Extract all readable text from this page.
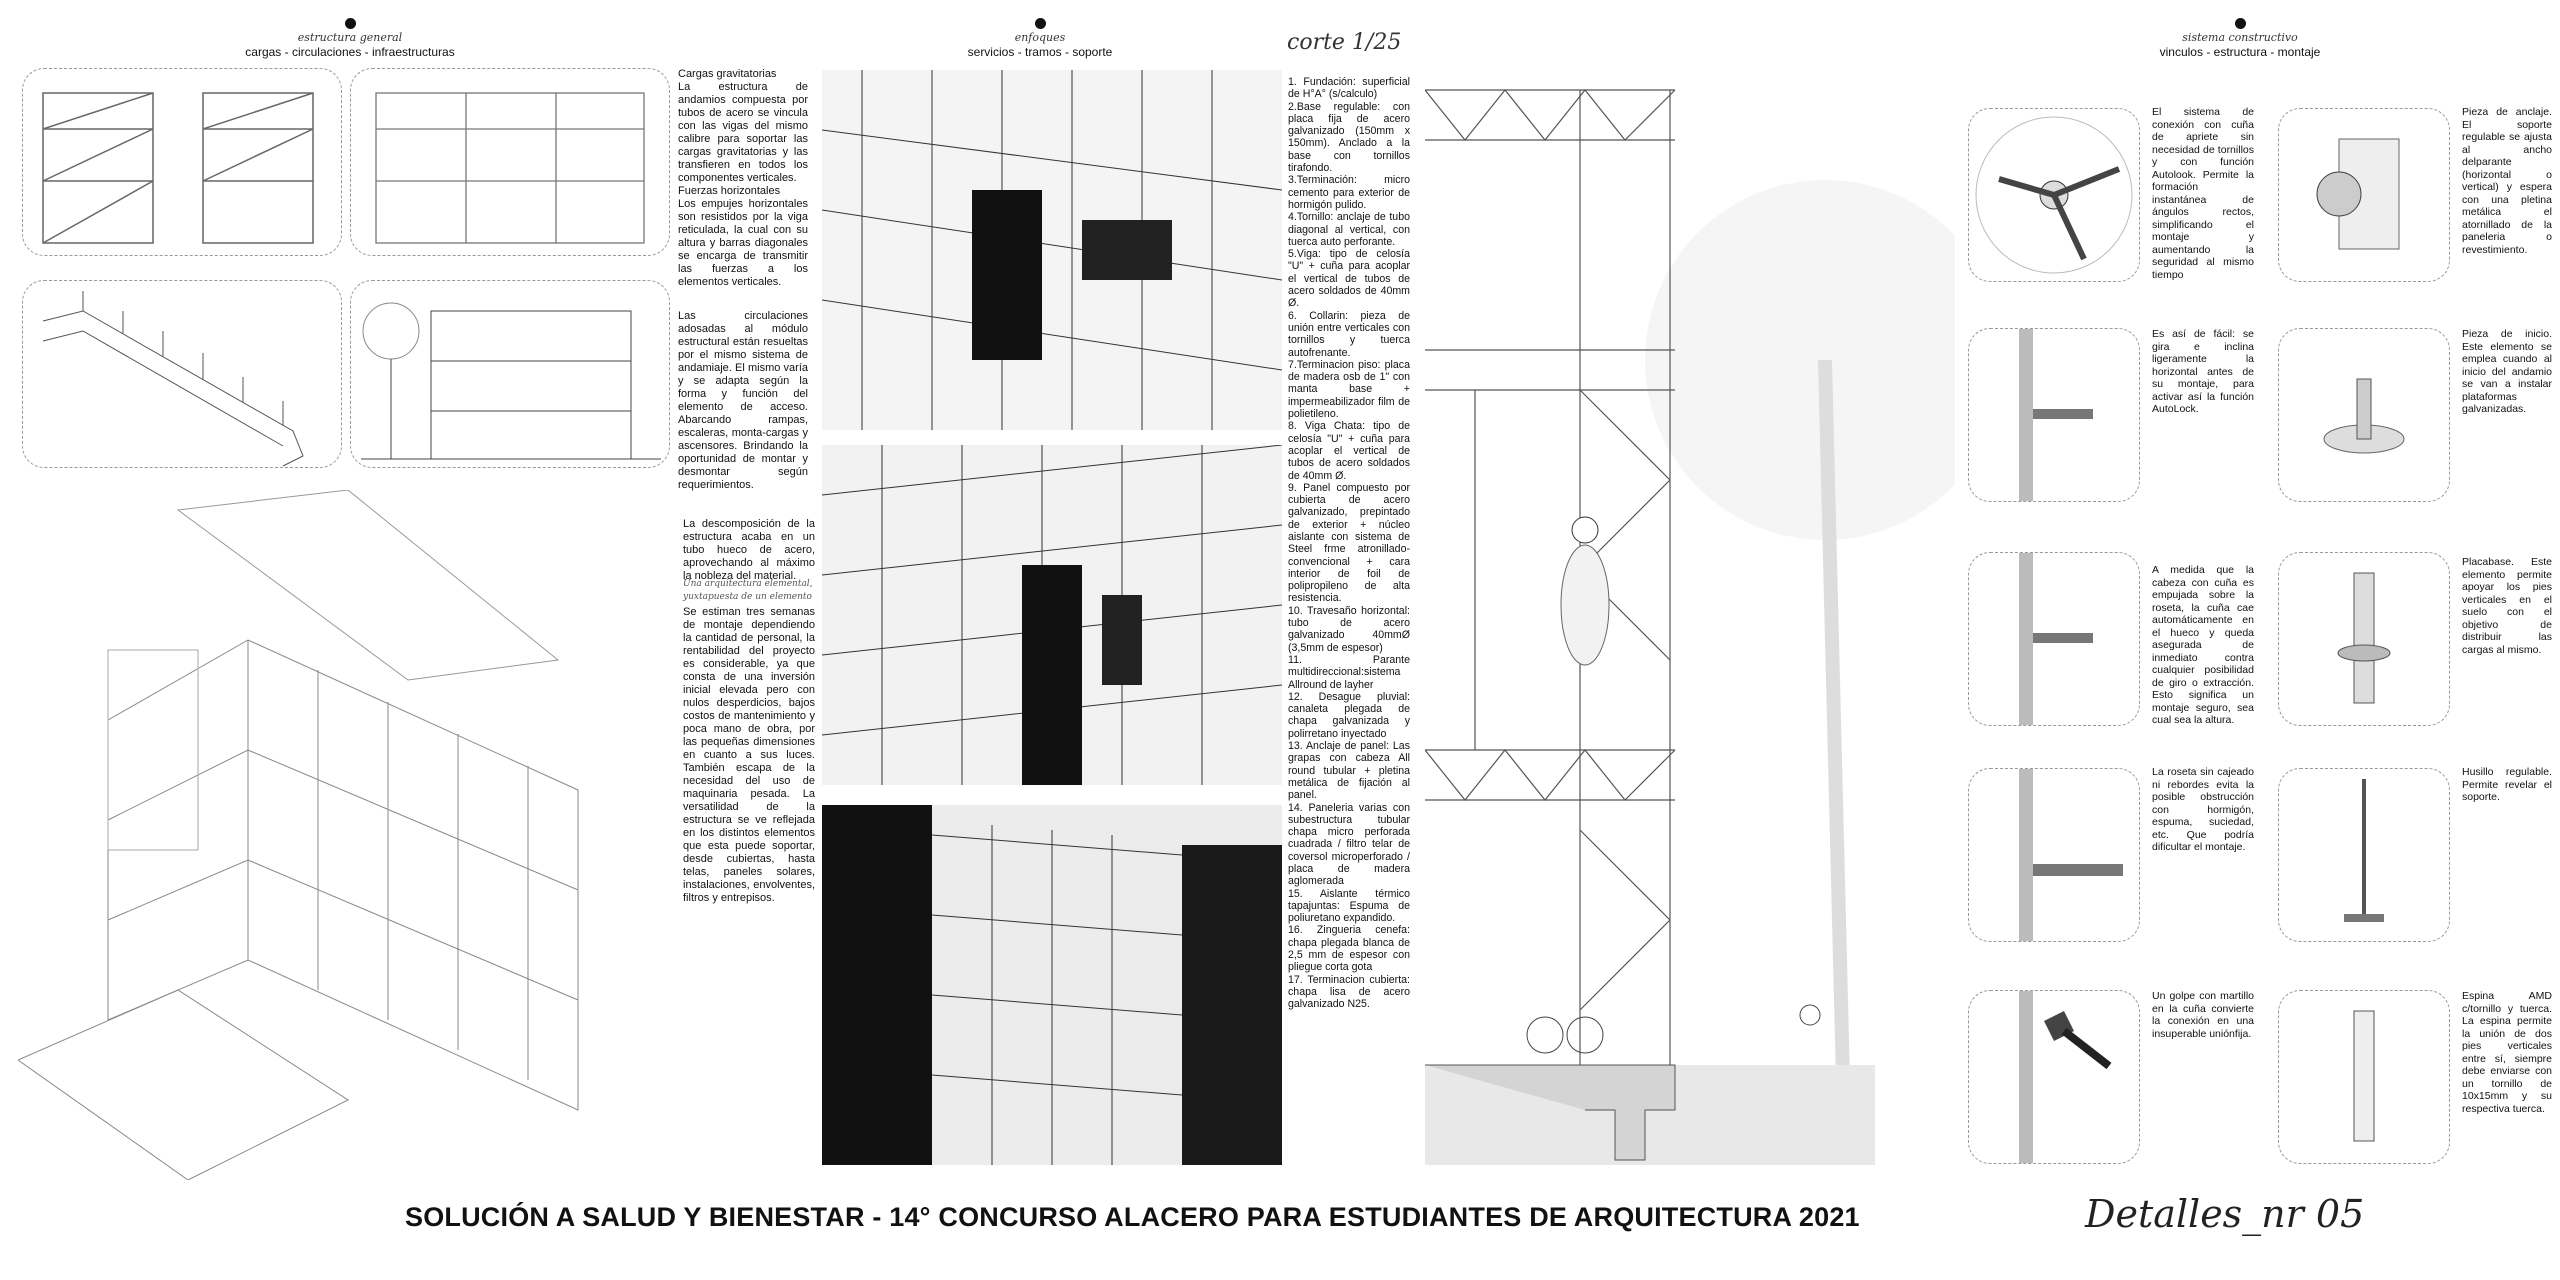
estructura general
cargas - circulaciones - infraestructuras
enfoques
servicios - tramos - soporte
sistema constructivo
vinculos - estructura - montaje
Cargas gravitatorias
La estructura de andamios compuesta por tubos de acero se vincula con las vigas del mismo calibre para soportar las cargas gravitatorias y las transfieren en todos los componentes verticales.
Fuerzas horizontales
Los empujes horizontales son resistidos por la viga reticulada, la cual con su altura y barras diagonales se encarga de transmitir las fuerzas a los elementos verticales.
Las circulaciones adosadas al módulo estructural están resueltas por el mismo sistema de andamiaje. El mismo varía y se adapta según la forma y función del elemento de acceso. Abarcando rampas, escaleras, monta-cargas y ascensores. Brindando la oportunidad de montar y desmontar según requerimientos.
La descomposición de la estructura acaba en un tubo hueco de acero, aprovechando al máximo la nobleza del material.
Una arquitectura elemental, yuxtapuesta de un elemento
Se estiman tres semanas de montaje dependiendo la cantidad de personal, la rentabilidad del proyecto es considerable, ya que consta de una inversión inicial elevada pero con nulos desperdicios, bajos costos de mantenimiento y poca mano de obra, por las pequeñas dimensiones en cuanto a sus luces. También escapa de la necesidad del uso de maquinaria pesada. La versatilidad de la estructura se ve reflejada en los distintos elementos que esta puede soportar, desde cubiertas, hasta telas, paneles solares, instalaciones, envolventes, filtros y entrepisos.
corte 1/25

1. Fundación: superficial de H°A° (s/calculo)

2.Base regulable: con placa fija de acero galvanizado (150mm x 150mm). Anclado a la base con tornillos tirafondo.

3.Terminación: micro cemento para exterior de hormigón pulido.

4.Tornillo: anclaje de tubo diagonal al vertical, con tuerca auto perforante.

5.Viga: tipo de celosía "U" + cuña para acoplar el vertical de tubos de acero soldados de 40mm Ø.

6. Collarin: pieza de unión entre verticales con tornillos y tuerca autofrenante.

7.Terminacion piso: placa de madera osb de 1" con manta base + impermeabilizador film de polietileno.

8. Viga Chata: tipo de celosía "U" + cuña para acoplar el vertical de tubos de acero soldados de 40mm Ø.

9. Panel compuesto por cubierta de acero galvanizado, prepintado de exterior + núcleo aislante con sistema de Steel frme atronillado-convencional + cara interior de foil de polipropileno de alta resistencia.

10. Travesaño horizontal: tubo de acero galvanizado 40mmØ (3,5mm de espesor)

11. Parante multidireccional:sistema Allround de layher

12. Desague pluvial: canaleta plegada de chapa galvanizada y polirretano inyectado

13. Anclaje de panel: Las grapas con cabeza All round tubular + pletina metálica de fijación al panel.

14. Paneleria varias con subestructura tubular chapa micro perforada cuadrada / filtro telar de coversol microperforado / placa de madera aglomerada

15. Aislante térmico tapajuntas: Espuma de poliuretano expandido.

16. Zingueria cenefa: chapa plegada blanca de 2,5 mm de espesor con pliegue corta gota

17. Terminacion cubierta: chapa lisa de acero galvanizado N25.

El sistema de conexión con cuña de apriete sin necesidad de tornillos y con función Autolook. Permite la formación instantánea de ángulos rectos, simplificando el montaje y aumentando la seguridad al mismo tiempo
Es así de fácil: se gira e inclina ligeramente la horizontal antes de su montaje, para activar así la función AutoLock.
A medida que la cabeza con cuña es empujada sobre la roseta, la cuña cae automáticamente en el hueco y queda asegurada de inmediato contra cualquier posibilidad de giro o extracción. Esto significa un montaje seguro, sea cual sea la altura.
La roseta sin cajeado ni rebordes evita la posible obstrucción con hormigón, espuma, suciedad, etc. Que podría dificultar el montaje.
Un golpe con martillo en la cuña convierte la conexión en una insuperable uniónfija.
Pieza de anclaje. El soporte regulable se ajusta al ancho delparante (horizontal o vertical) y espera con una pletina metálica el atornillado de la paneleria o revestimiento.
Pieza de inicio. Este elemento se emplea cuando al inicio del andamio se van a instalar plataformas galvanizadas.
Placabase. Este elemento permite apoyar los pies verticales en el suelo con el objetivo de distribuir las cargas al mismo.
Husillo regulable. Permite revelar el soporte.
Espina AMD c/tornillo y tuerca. La espina permite la unión de dos pies verticales entre sí, siempre debe enviarse con un tornillo de 10x15mm y su respectiva tuerca.
SOLUCIÓN A SALUD Y BIENESTAR - 14° CONCURSO ALACERO PARA ESTUDIANTES DE ARQUITECTURA 2021	Detalles_nr 05
